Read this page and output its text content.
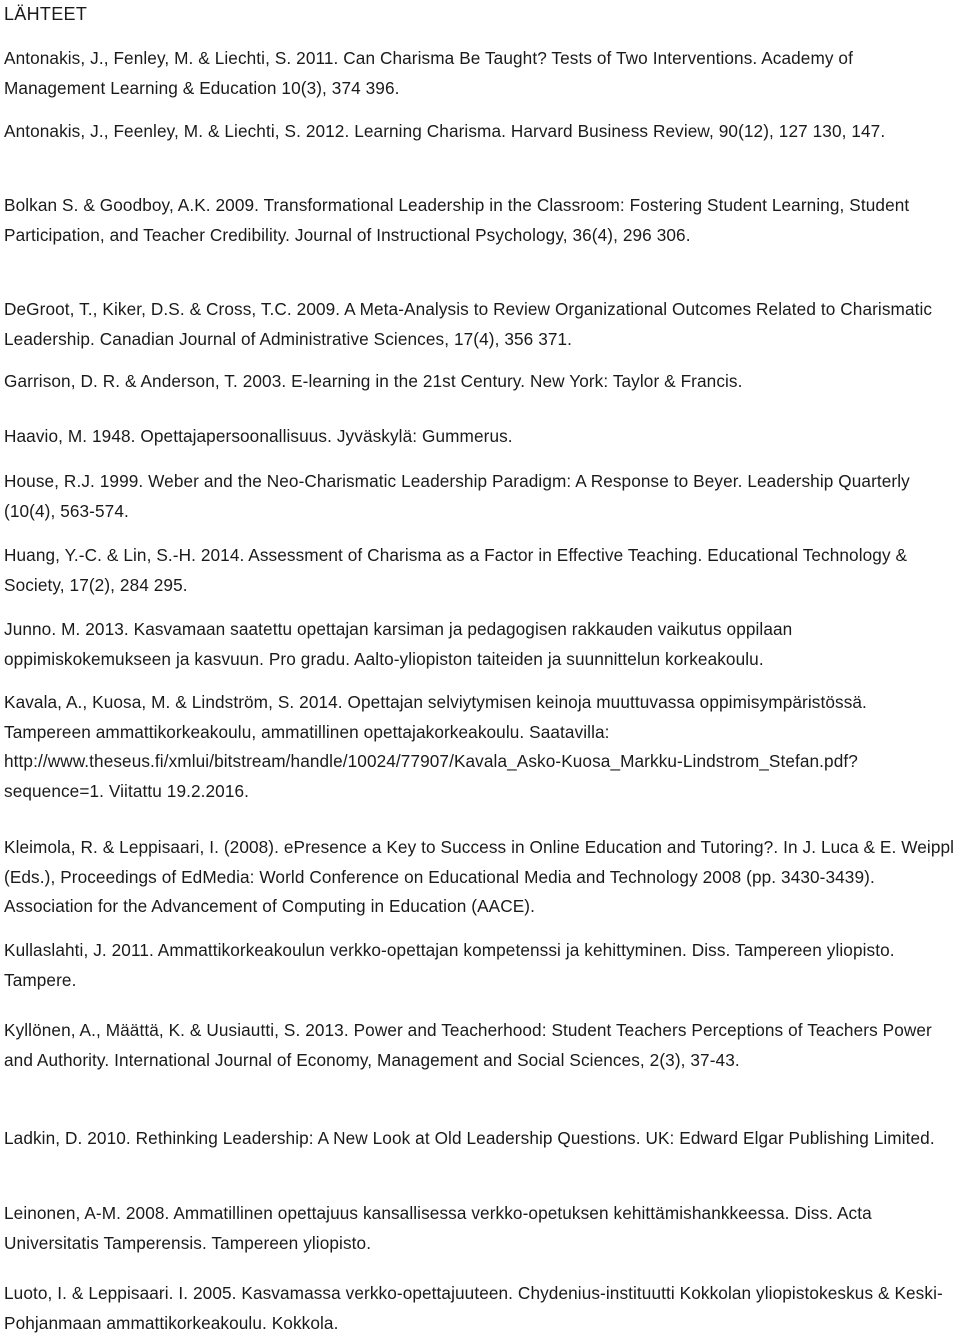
LÄHTEET

Antonakis, J., Fenley, M. & Liechti, S. 2011. Can Charisma Be Taught? Tests of Two Interventions. Academy of Management Learning & Education 10(3), 374 396.

Antonakis, J., Feenley, M. & Liechti, S. 2012. Learning Charisma. Harvard Business Review, 90(12), 127 130, 147.

Bolkan S. & Goodboy, A.K. 2009. Transformational Leadership in the Classroom: Fostering Student Learning, Student Participation, and Teacher Credibility. Journal of Instructional Psychology, 36(4), 296 306.

DeGroot, T., Kiker, D.S. & Cross, T.C. 2009. A Meta-Analysis to Review Organizational Outcomes Related to Charismatic Leadership. Canadian Journal of Administrative Sciences, 17(4), 356 371.

Garrison, D. R. & Anderson, T. 2003. E-learning in the 21st Century. New York: Taylor & Francis.

Haavio, M. 1948. Opettajapersoonallisuus. Jyväskylä: Gummerus.

House, R.J. 1999. Weber and the Neo-Charismatic Leadership Paradigm: A Response to Beyer. Leadership Quarterly (10(4), 563-574.

Huang, Y.-C. & Lin, S.-H. 2014. Assessment of Charisma as a Factor in Effective Teaching. Educational Technology & Society, 17(2), 284 295.

Junno. M. 2013. Kasvamaan saatettu opettajan karsiman ja pedagogisen rakkauden vaikutus oppilaan oppimiskokemukseen ja kasvuun. Pro gradu. Aalto-yliopiston taiteiden ja suunnittelun korkeakoulu.

Kavala, A., Kuosa, M. & Lindström, S. 2014. Opettajan selviytymisen keinoja muuttuvassa oppimisympäristössä. Tampereen ammattikorkeakoulu, ammatillinen opettajakorkeakoulu. Saatavilla: http://www.theseus.fi/xmlui/bitstream/handle/10024/77907/Kavala_Asko-Kuosa_Markku-Lindstrom_Stefan.pdf?sequence=1. Viitattu 19.2.2016.

Kleimola, R. & Leppisaari, I. (2008). ePresence a Key to Success in Online Education and Tutoring?. In J. Luca & E. Weippl (Eds.), Proceedings of EdMedia: World Conference on Educational Media and Technology 2008 (pp. 3430-3439). Association for the Advancement of Computing in Education (AACE).

Kullaslahti, J. 2011. Ammattikorkeakoulun verkko-opettajan kompetenssi ja kehittyminen. Diss. Tampereen yliopisto. Tampere.

Kyllönen, A., Määttä, K. & Uusiautti, S. 2013. Power and Teacherhood: Student Teachers Perceptions of Teachers Power and Authority. International Journal of Economy, Management and Social Sciences, 2(3), 37-43.

Ladkin, D. 2010. Rethinking Leadership: A New Look at Old Leadership Questions. UK: Edward Elgar Publishing Limited.

Leinonen, A-M. 2008. Ammatillinen opettajuus kansallisessa verkko-opetuksen kehittämishankkeessa. Diss. Acta Universitatis Tamperensis. Tampereen yliopisto.

Luoto, I. & Leppisaari. I. 2005. Kasvamassa verkko-opettajuuteen. Chydenius-instituutti Kokkolan yliopistokeskus & Keski-Pohjanmaan ammattikorkeakoulu. Kokkola.
